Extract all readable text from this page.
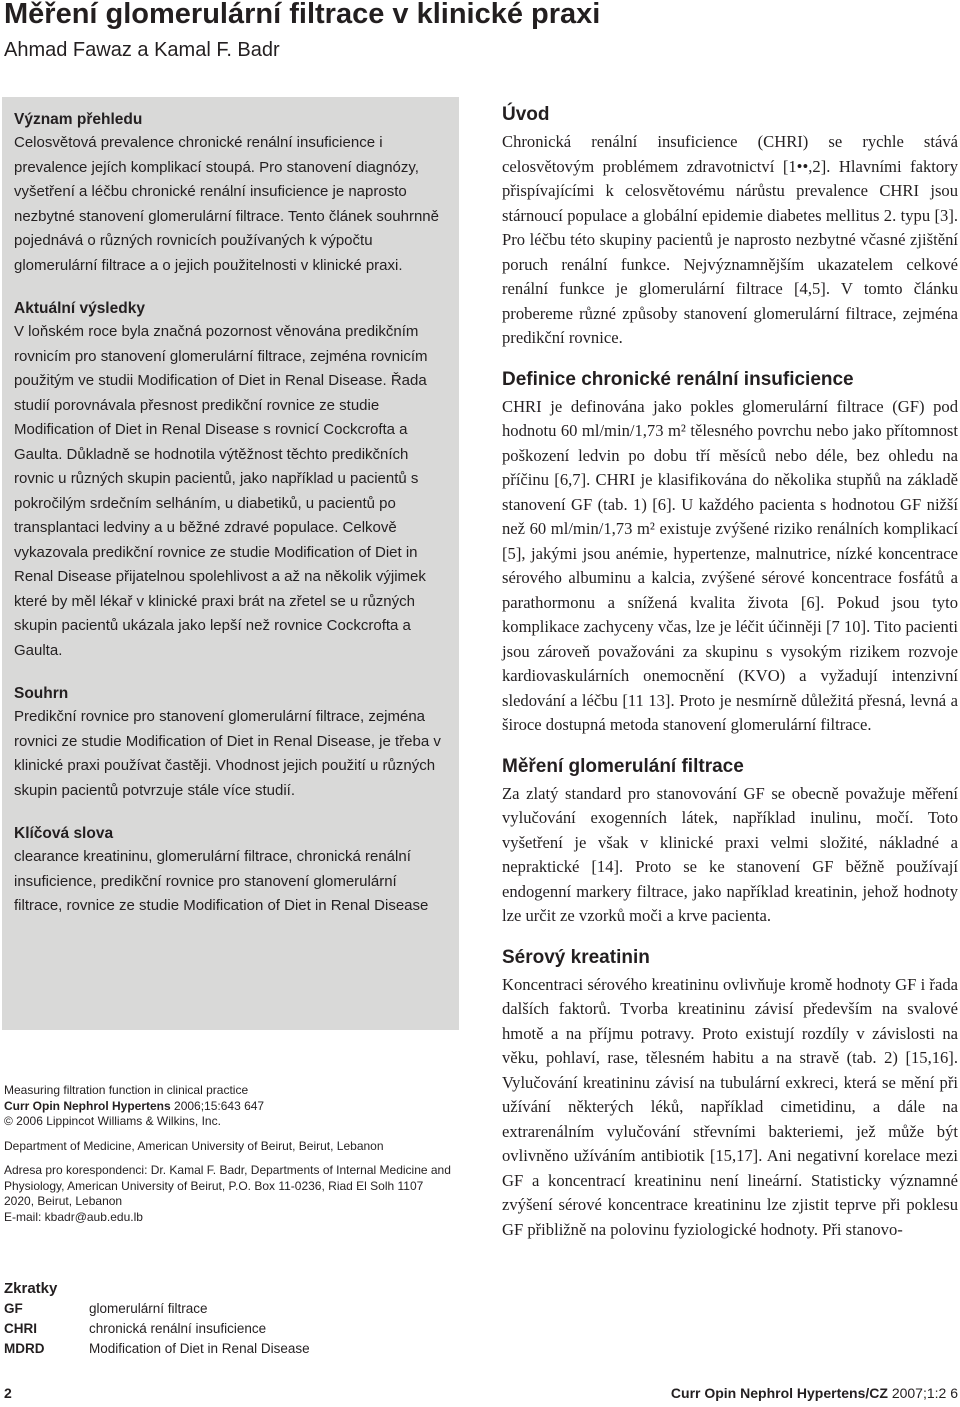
Měření glomerulární filtrace v klinické praxi
Ahmad Fawaz a Kamal F. Badr
Význam přehledu

Celosvětová prevalence chronické renální insuficience i prevalence jejích komplikací stoupá. Pro stanovení diagnózy, vyšetření a léčbu chronické renální insuficience je naprosto nezbytné stanovení glomerulární filtrace. Tento článek souhrnně pojednává o různých rovnicích používaných k výpočtu glomerulární filtrace a o jejich použitelnosti v klinické praxi.

Aktuální výsledky

V loňském roce byla značná pozornost věnována predikčním rovnicím pro stanovení glomerulární filtrace, zejména rovnicím použitým ve studii Modification of Diet in Renal Disease. Řada studií porovnávala přesnost predikční rovnice ze studie Modification of Diet in Renal Disease s rovnicí Cockcrofta a Gaulta. Důkladně se hodnotila výtěžnost těchto predikčních rovnic u různých skupin pacientů, jako například u pacientů s pokročilým srdečním selháním, u diabetiků, u pacientů po transplantaci ledviny a u běžné zdravé populace. Celkově vykazovala predikční rovnice ze studie Modification of Diet in Renal Disease přijatelnou spolehlivost a až na několik výjimek které by měl lékař v klinické praxi brát na zřetel se u různých skupin pacientů ukázala jako lepší než rovnice Cockcrofta a Gaulta.

Souhrn

Predikční rovnice pro stanovení glomerulární filtrace, zejména rovnici ze studie Modification of Diet in Renal Disease, je třeba v klinické praxi používat častěji. Vhodnost jejich použití u různých skupin pacientů potvrzuje stále více studií.

Klíčová slova

clearance kreatininu, glomerulární filtrace, chronická renální insuficience, predikční rovnice pro stanovení glomerulární filtrace, rovnice ze studie Modification of Diet in Renal Disease

Measuring filtration function in clinical practice
Curr Opin Nephrol Hypertens 2006;15:643 647
© 2006 Lippincot Williams & Wilkins, Inc.

Department of Medicine, American University of Beirut, Beirut, Lebanon

Adresa pro korespondenci: Dr. Kamal F. Badr, Departments of Internal Medicine and Physiology, American University of Beirut, P.O. Box 11-0236, Riad El Solh 1107 2020, Beirut, Lebanon
E-mail: kbadr@aub.edu.lb

Zkratky
GF	glomerulární filtrace
CHRI	chronická renální insuficience
MDRD	Modification of Diet in Renal Disease
Úvod

Chronická renální insuficience (CHRI) se rychle stává celosvětovým problémem zdravotnictví [1••,2]. Hlavními faktory přispívajícími k celosvětovému nárůstu prevalence CHRI jsou stárnoucí populace a globální epidemie diabetes mellitus 2. typu [3]. Pro léčbu této skupiny pacientů je naprosto nezbytné včasné zjištění poruch renální funkce. Nejvýznamnějším ukazatelem celkové renální funkce je glomerulární filtrace [4,5]. V tomto článku probereme různé způsoby stanovení glomerulární filtrace, zejména predikční rovnice.

Definice chronické renální insuficience

CHRI je definována jako pokles glomerulární filtrace (GF) pod hodnotu 60 ml/min/1,73 m² tělesného povrchu nebo jako přítomnost poškození ledvin po dobu tří měsíců nebo déle, bez ohledu na příčinu [6,7]. CHRI je klasifikována do několika stupňů na základě stanovení GF (tab. 1) [6]. U každého pacienta s hodnotou GF nižší než 60 ml/min/1,73 m² existuje zvýšené riziko renálních komplikací [5], jakými jsou anémie, hypertenze, malnutrice, nízké koncentrace sérového albuminu a kalcia, zvýšené sérové koncentrace fosfátů a parathormonu a snížená kvalita života [6]. Pokud jsou tyto komplikace zachyceny včas, lze je léčit účinněji [7 10]. Tito pacienti jsou zároveň považováni za skupinu s vysokým rizikem rozvoje kardiovaskulárních onemocnění (KVO) a vyžadují intenzivní sledování a léčbu [11 13]. Proto je nesmírně důležitá přesná, levná a široce dostupná metoda stanovení glomerulární filtrace.

Měření glomerulání filtrace

Za zlatý standard pro stanovování GF se obecně považuje měření vylučování exogenních látek, například inulinu, močí. Toto vyšetření je však v klinické praxi velmi složité, nákladné a nepraktické [14]. Proto se ke stanovení GF běžně používají endogenní markery filtrace, jako například kreatinin, jehož hodnoty lze určit ze vzorků moči a krve pacienta.

Sérový kreatinin

Koncentraci sérového kreatininu ovlivňuje kromě hodnoty GF i řada dalších faktorů. Tvorba kreatininu závisí především na svalové hmotě a na příjmu potravy. Proto existují rozdíly v závislosti na věku, pohlaví, rase, tělesném habitu a na stravě (tab. 2) [15,16]. Vylučování kreatininu závisí na tubulární exkreci, která se mění při užívání některých léků, například cimetidinu, a dále na extrarenálním vylučování střevními bakteriemi, jež může být ovlivněno užíváním antibiotik [15,17]. Ani negativní korelace mezi GF a koncentrací kreatininu není lineární. Statisticky významné zvýšení sérové koncentrace kreatininu lze zjistit teprve při poklesu GF přibližně na polovinu fyziologické hodnoty. Při stanovo-

2	Curr Opin Nephrol Hypertens/CZ 2007;1:2 6
